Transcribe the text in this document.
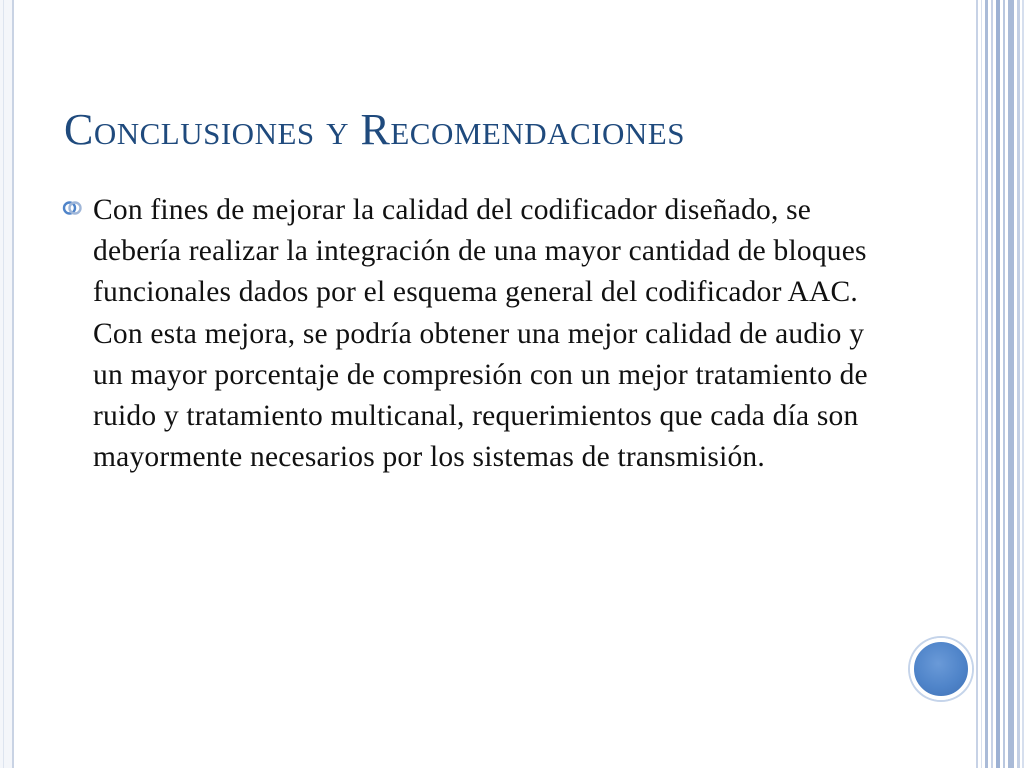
Conclusiones y Recomendaciones

Con fines de mejorar la calidad del codificador diseñado, se debería realizar la integración de una mayor cantidad de bloques funcionales dados por el esquema general del codificador AAC. Con esta mejora, se podría obtener una mejor calidad de audio y un mayor porcentaje de compresión con un mejor tratamiento de ruido y tratamiento multicanal, requerimientos que cada día son mayormente necesarios por los sistemas de transmisión.
